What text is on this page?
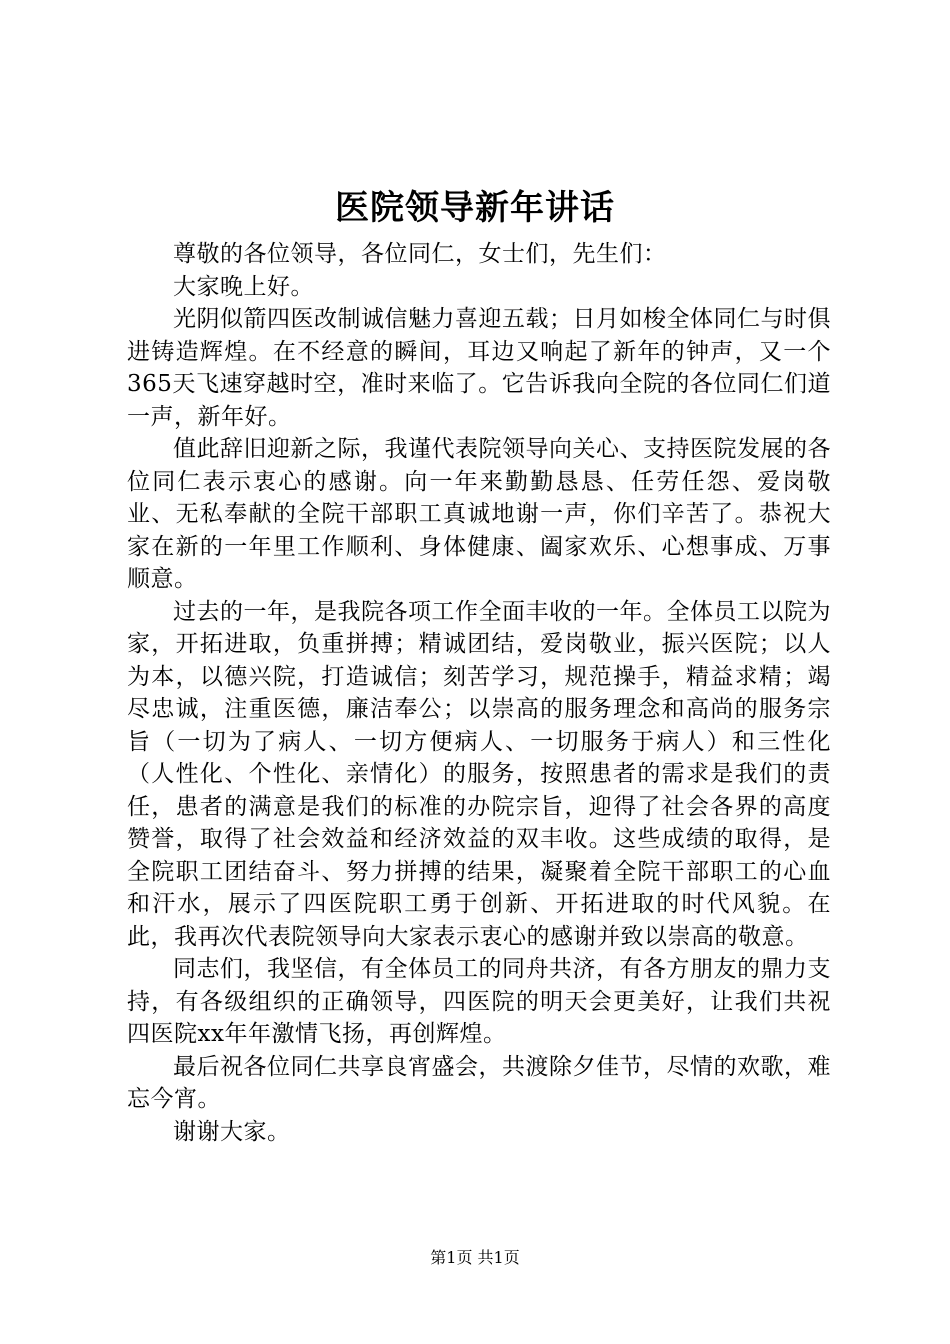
医院领导新年讲话

尊敬的各位领导，各位同仁，女士们，先生们：

大家晚上好。

光阴似箭四医改制诚信魅力喜迎五载；日月如梭全体同仁与时俱进铸造辉煌。在不经意的瞬间，耳边又响起了新年的钟声，又一个365天飞速穿越时空，准时来临了。它告诉我向全院的各位同仁们道一声，新年好。

值此辞旧迎新之际，我谨代表院领导向关心、支持医院发展的各位同仁表示衷心的感谢。向一年来勤勤恳恳、任劳任怨、爱岗敬业、无私奉献的全院干部职工真诚地谢一声，你们辛苦了。恭祝大家在新的一年里工作顺利、身体健康、阖家欢乐、心想事成、万事顺意。

过去的一年，是我院各项工作全面丰收的一年。全体员工以院为家，开拓进取，负重拼搏；精诚团结，爱岗敬业，振兴医院；以人为本，以德兴院，打造诚信；刻苦学习，规范操手，精益求精；竭尽忠诚，注重医德，廉洁奉公；以崇高的服务理念和高尚的服务宗旨（一切为了病人、一切方便病人、一切服务于病人）和三性化（人性化、个性化、亲情化）的服务，按照患者的需求是我们的责任，患者的满意是我们的标准的办院宗旨，迎得了社会各界的高度赞誉，取得了社会效益和经济效益的双丰收。这些成绩的取得，是全院职工团结奋斗、努力拼搏的结果，凝聚着全院干部职工的心血和汗水，展示了四医院职工勇于创新、开拓进取的时代风貌。在此，我再次代表院领导向大家表示衷心的感谢并致以崇高的敬意。

同志们，我坚信，有全体员工的同舟共济，有各方朋友的鼎力支持，有各级组织的正确领导，四医院的明天会更美好，让我们共祝四医院xx年年激情飞扬，再创辉煌。

最后祝各位同仁共享良宵盛会，共渡除夕佳节，尽情的欢歌，难忘今宵。

谢谢大家。

第1页 共1页
